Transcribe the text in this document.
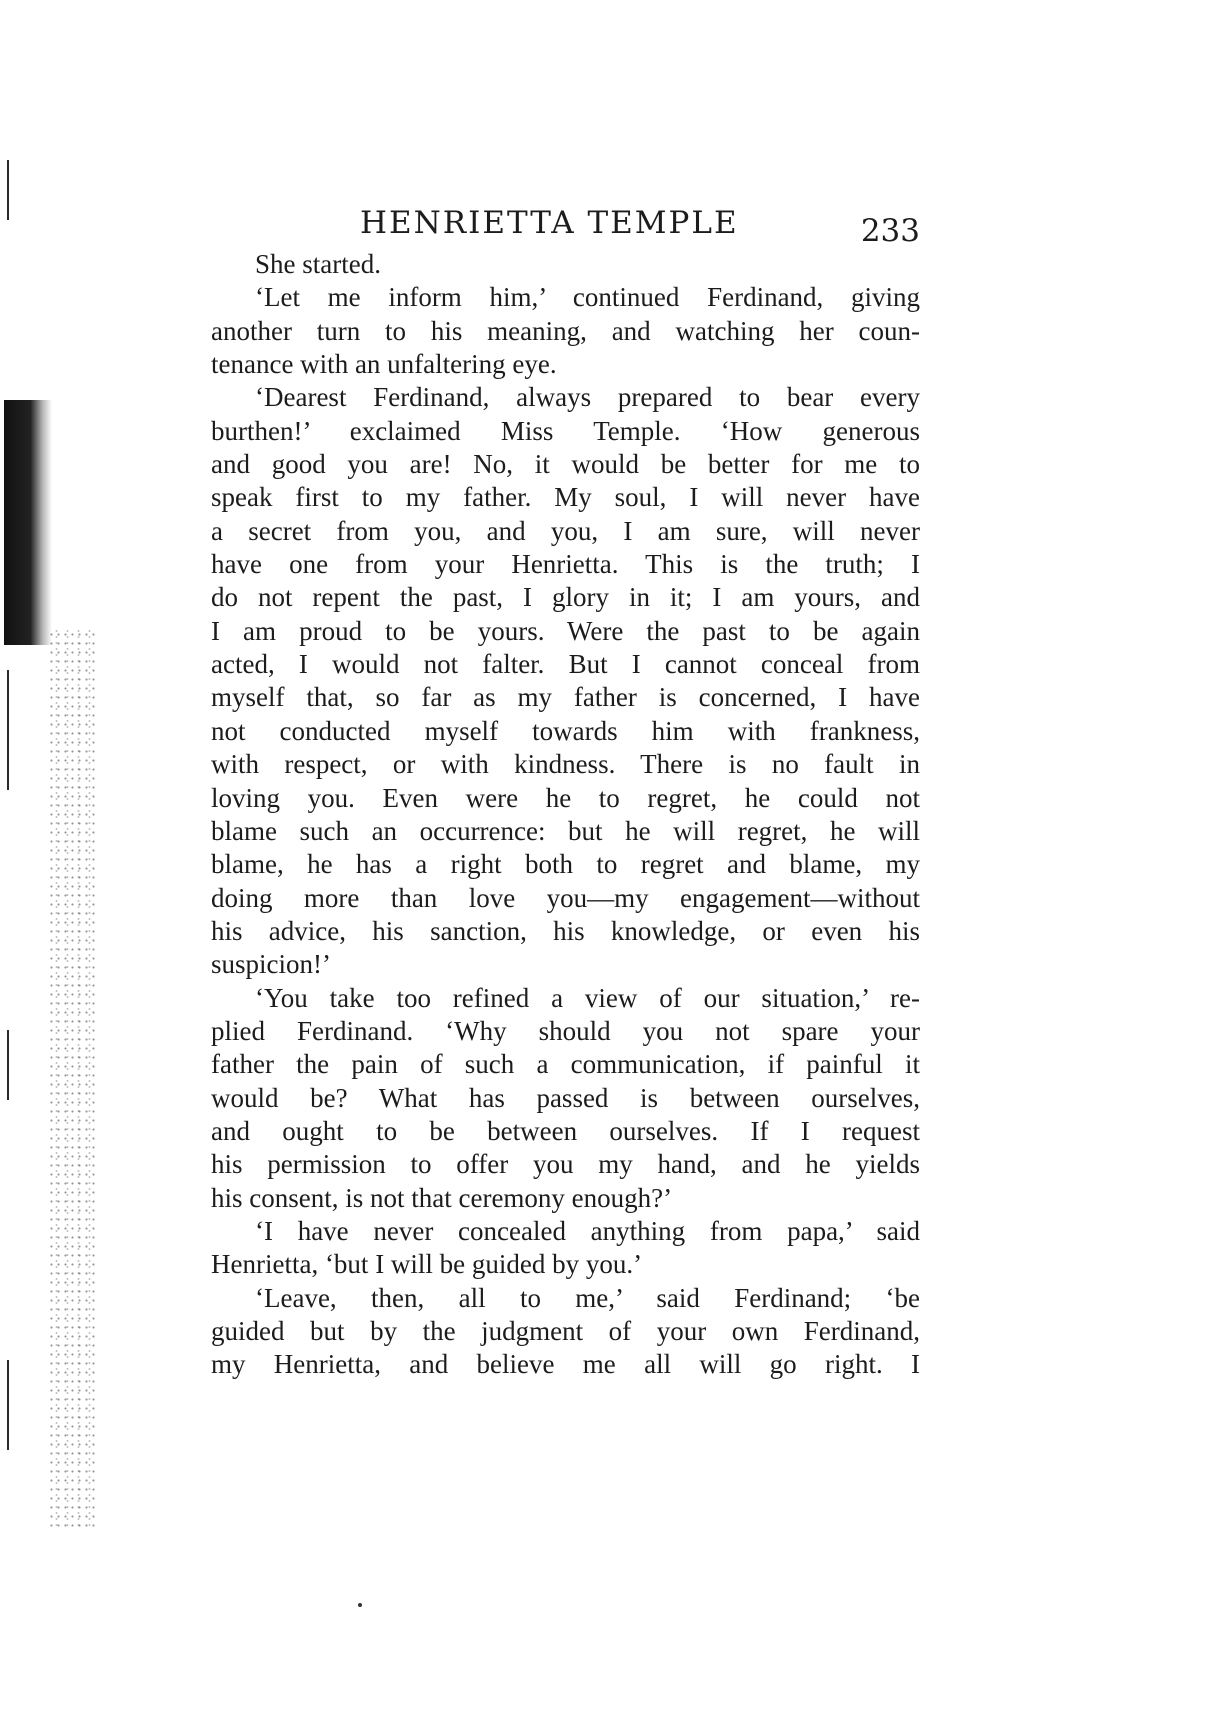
HENRIETTA TEMPLE	233
She started.
‘Let me inform him,’ continued Ferdinand, giving
another turn to his meaning, and watching her coun-
tenance with an unfaltering eye.
‘Dearest Ferdinand, always prepared to bear every
burthen!’ exclaimed Miss Temple. ‘How generous
and good you are! No, it would be better for me to
speak first to my father. My soul, I will never have
a secret from you, and you, I am sure, will never
have one from your Henrietta. This is the truth; I
do not repent the past, I glory in it; I am yours, and
I am proud to be yours. Were the past to be again
acted, I would not falter. But I cannot conceal from
myself that, so far as my father is concerned, I have
not conducted myself towards him with frankness,
with respect, or with kindness. There is no fault in
loving you. Even were he to regret, he could not
blame such an occurrence: but he will regret, he will
blame, he has a right both to regret and blame, my
doing more than love you—my engagement—without
his advice, his sanction, his knowledge, or even his
suspicion!’
‘You take too refined a view of our situation,’ re-
plied Ferdinand. ‘Why should you not spare your
father the pain of such a communication, if painful it
would be? What has passed is between ourselves,
and ought to be between ourselves. If I request
his permission to offer you my hand, and he yields
his consent, is not that ceremony enough?’
‘I have never concealed anything from papa,’ said
Henrietta, ‘but I will be guided by you.’
‘Leave, then, all to me,’ said Ferdinand; ‘be
guided but by the judgment of your own Ferdinand,
my Henrietta, and believe me all will go right. I
